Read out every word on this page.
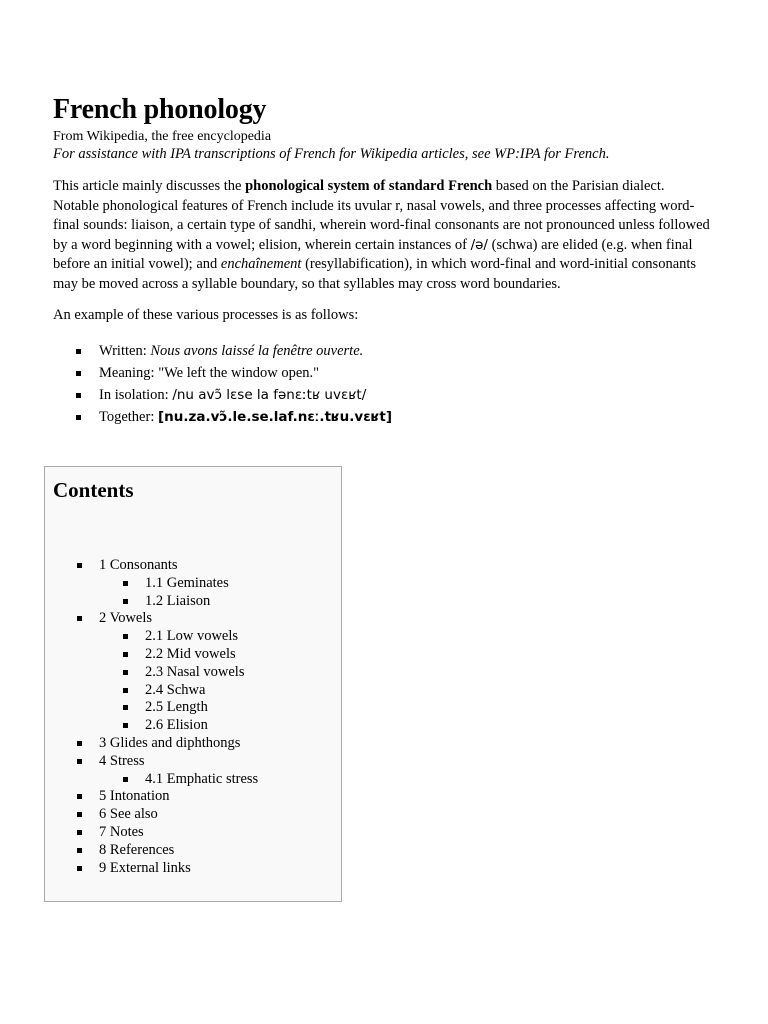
French phonology

From Wikipedia, the free encyclopedia

For assistance with IPA transcriptions of French for Wikipedia articles, see WP:IPA for French.

This article mainly discusses the phonological system of standard French based on the Parisian dialect. Notable phonological features of French include its uvular r, nasal vowels, and three processes affecting word-final sounds: liaison, a certain type of sandhi, wherein word-final consonants are not pronounced unless followed by a word beginning with a vowel; elision, wherein certain instances of /ə/ (schwa) are elided (e.g. when final before an initial vowel); and enchaînement (resyllabification), in which word-final and word-initial consonants may be moved across a syllable boundary, so that syllables may cross word boundaries.

An example of these various processes is as follows:

Written: Nous avons laissé la fenêtre ouverte.
Meaning: "We left the window open."
In isolation: /nu avɔ̃ lɛse la fənɛːtʁ uvɛʁt/
Together: [nu.za.vɔ̃.le.se.laf.nɛː.tʁu.vɛʁt]
Contents
1 Consonants
1.1 Geminates
1.2 Liaison
2 Vowels
2.1 Low vowels
2.2 Mid vowels
2.3 Nasal vowels
2.4 Schwa
2.5 Length
2.6 Elision
3 Glides and diphthongs
4 Stress
4.1 Emphatic stress
5 Intonation
6 See also
7 Notes
8 References
9 External links
